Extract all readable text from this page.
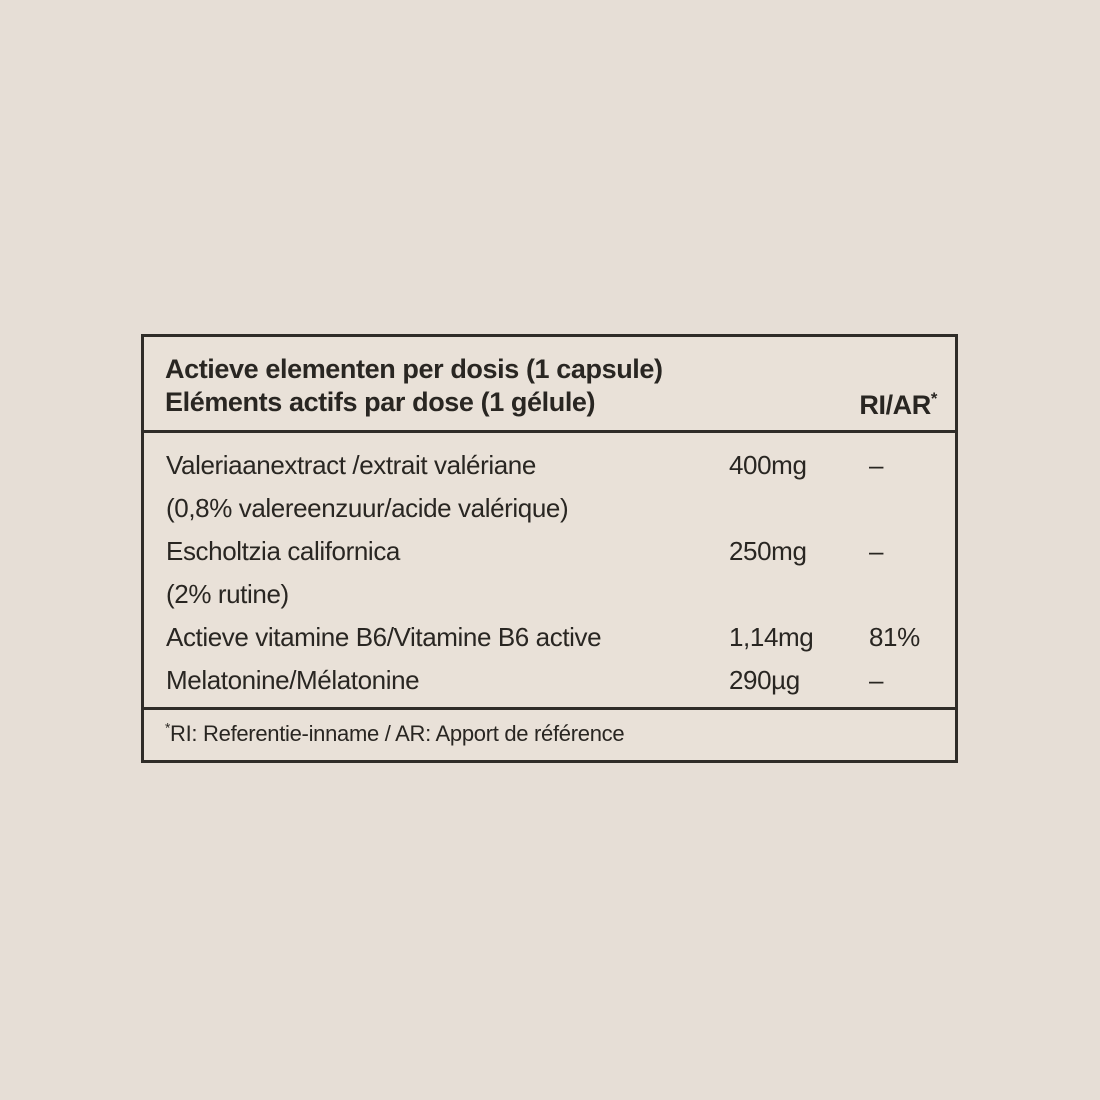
Actieve elementen per dosis (1 capsule)
Eléments actifs par dose (1 gélule)	RI/AR*
Valeriaanextract /extrait valériane	400mg	–
(0,8% valereenzuur/acide valérique)
Escholtzia californica	250mg	–
(2% rutine)
Actieve vitamine B6/Vitamine B6 active	1,14mg	81%
Melatonine/Mélatonine	290µg	–
*RI: Referentie-inname / AR: Apport de référence
